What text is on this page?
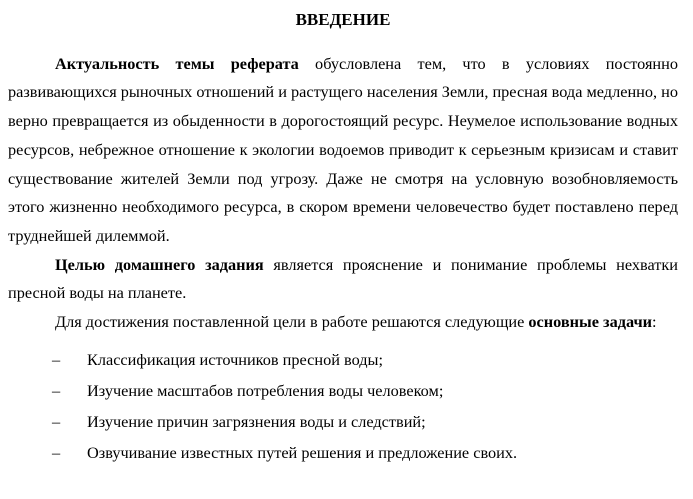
ВВЕДЕНИЕ

Актуальность темы реферата обусловлена тем, что в условиях постоянно развивающихся рыночных отношений и растущего населения Земли, пресная вода медленно, но верно превращается из обыденности в дорогостоящий ресурс. Неумелое использование водных ресурсов, небрежное отношение к экологии водоемов приводит к серьезным кризисам и ставит существование жителей Земли под угрозу. Даже не смотря на условную возобновляемость этого жизненно необходимого ресурса, в скором времени человечество будет поставлено перед труднейшей дилеммой.

Целью домашнего задания является прояснение и понимание проблемы нехватки пресной воды на планете.

Для достижения поставленной цели в работе решаются следующие основные задачи:

– Классификация источников пресной воды;
– Изучение масштабов потребления воды человеком;
– Изучение причин загрязнения воды и следствий;
– Озвучивание известных путей решения и предложение своих.
